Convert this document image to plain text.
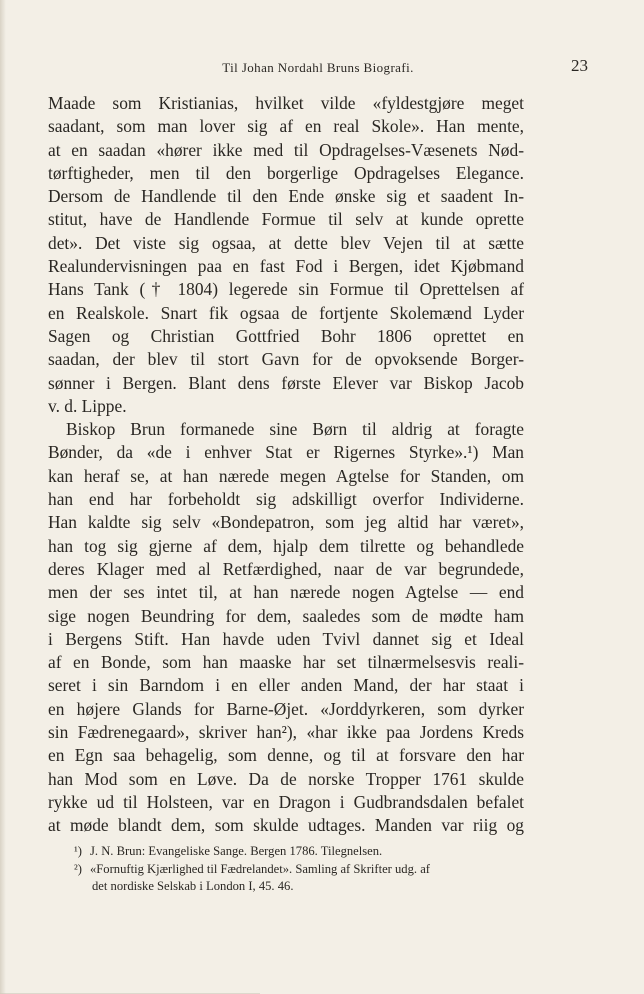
Til Johan Nordahl Bruns Biografi.	23
Maade som Kristianias, hvilket vilde «fyldestgjøre meget
saadant, som man lover sig af en real Skole». Han mente,
at en saadan «hører ikke med til Opdragelses-Væsenets Nød-
tørftigheder, men til den borgerlige Opdragelses Elegance.
Dersom de Handlende til den Ende ønske sig et saadent In-
stitut, have de Handlende Formue til selv at kunde oprette
det». Det viste sig ogsaa, at dette blev Vejen til at sætte
Realundervisningen paa en fast Fod i Bergen, idet Kjøbmand
Hans Tank († 1804) legerede sin Formue til Oprettelsen af
en Realskole. Snart fik ogsaa de fortjente Skolemænd Lyder
Sagen og Christian Gottfried Bohr 1806 oprettet en
saadan, der blev til stort Gavn for de opvoksende Borger-
sønner i Bergen. Blant dens første Elever var Biskop Jacob
v. d. Lippe.
Biskop Brun formanede sine Børn til aldrig at foragte
Bønder, da «de i enhver Stat er Rigernes Styrke».¹) Man
kan heraf se, at han nærede megen Agtelse for Standen, om
han end har forbeholdt sig adskilligt overfor Individerne.
Han kaldte sig selv «Bondepatron, som jeg altid har været»,
han tog sig gjerne af dem, hjalp dem tilrette og behandlede
deres Klager med al Retfærdighed, naar de var begrundede,
men der ses intet til, at han nærede nogen Agtelse — end
sige nogen Beundring for dem, saaledes som de mødte ham
i Bergens Stift. Han havde uden Tvivl dannet sig et Ideal
af en Bonde, som han maaske har set tilnærmelsesvis reali-
seret i sin Barndom i en eller anden Mand, der har staat i
en højere Glands for Barne-Øjet. «Jorddyrkeren, som dyrker
sin Fædrenegaard», skriver han²), «har ikke paa Jordens Kreds
en Egn saa behagelig, som denne, og til at forsvare den har
han Mod som en Løve. Da de norske Tropper 1761 skulde
rykke ud til Holsteen, var en Dragon i Gudbrandsdalen befalet
at møde blandt dem, som skulde udtages. Manden var riig og
¹) J. N. Brun: Evangeliske Sange. Bergen 1786. Tilegnelsen.
²) «Fornuftig Kjærlighed til Fædrelandet». Samling af Skrifter udg. af
det nordiske Selskab i London I, 45. 46.
